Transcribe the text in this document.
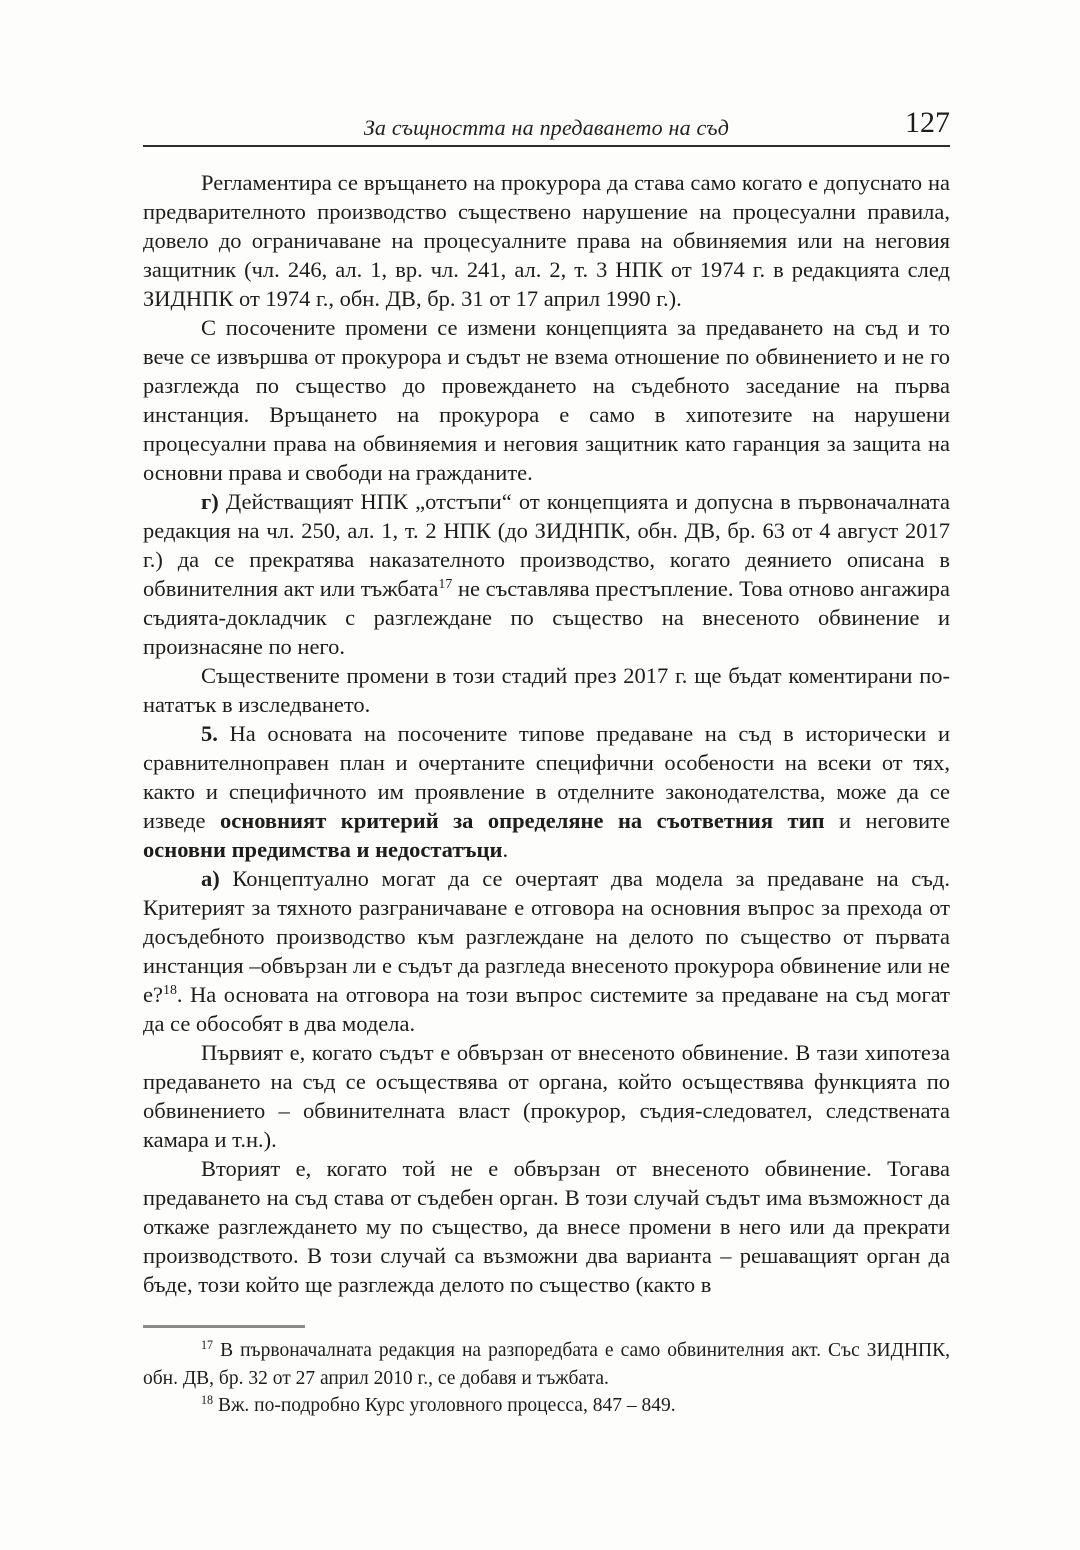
За същността на предаването на съд	127

Регламентира се връщането на прокурора да става само когато е допуснато на предварителното производство съществено нарушение на процесуални правила, довело до ограничаване на процесуалните права на обвиняемия или на неговия защитник (чл. 246, ал. 1, вр. чл. 241, ал. 2, т. 3 НПК от 1974 г. в редакцията след ЗИДНПК от 1974 г., обн. ДВ, бр. 31 от 17 април 1990 г.).

С посочените промени се измени концепцията за предаването на съд и то вече се извършва от прокурора и съдът не взема отношение по обвинението и не го разглежда по същество до провеждането на съдебното заседание на първа инстанция. Връщането на прокурора е само в хипотезите на нарушени процесуални права на обвиняемия и неговия защитник като гаранция за защита на основни права и свободи на гражданите.

г) Действащият НПК „отстъпи“ от концепцията и допусна в първоначалната редакция на чл. 250, ал. 1, т. 2 НПК (до ЗИДНПК, обн. ДВ, бр. 63 от 4 август 2017 г.) да се прекратява наказателното производство, когато деянието описана в обвинителния акт или тъжбата$^{17}$ не съставлява престъпление. Това отново ангажира съдията-докладчик с разглеждане по същество на внесеното обвинение и произнасяне по него.

Съществените промени в този стадий през 2017 г. ще бъдат коментирани по-нататък в изследването.

5. На основата на посочените типове предаване на съд в исторически и сравнителноправен план и очертаните специфични особености на всеки от тях, както и специфичното им проявление в отделните законодателства, може да се изведе основният критерий за определяне на съответния тип и неговите основни предимства и недостатъци.

а) Концептуално могат да се очертаят два модела за предаване на съд. Критерият за тяхното разграничаване е отговора на основния въпрос за прехода от досъдебното производство към разглеждане на делото по същество от първата инстанция –обвързан ли е съдът да разгледа внесеното прокурора обвинение или не е?$^{18}$. На основата на отговора на този въпрос системите за предаване на съд могат да се обособят в два модела.

Първият е, когато съдът е обвързан от внесеното обвинение. В тази хипотеза предаването на съд се осъществява от органа, който осъществява функцията по обвинението – обвинителната власт (прокурор, съдия-следовател, следствената камара и т.н.).

Вторият е, когато той не е обвързан от внесеното обвинение. Тогава предаването на съд става от съдебен орган. В този случай съдът има възможност да откаже разглеждането му по същество, да внесе промени в него или да прекрати производството. В този случай са възможни два варианта – решаващият орган да бъде, този който ще разглежда делото по същество (както в

$^{17}$ В първоначалната редакция на разпоредбата е само обвинителния акт. Със ЗИДНПК, обн. ДВ, бр. 32 от 27 април 2010 г., се добавя и тъжбата.

$^{18}$ Вж. по-подробно Курс уголовного процесса, 847 – 849.
